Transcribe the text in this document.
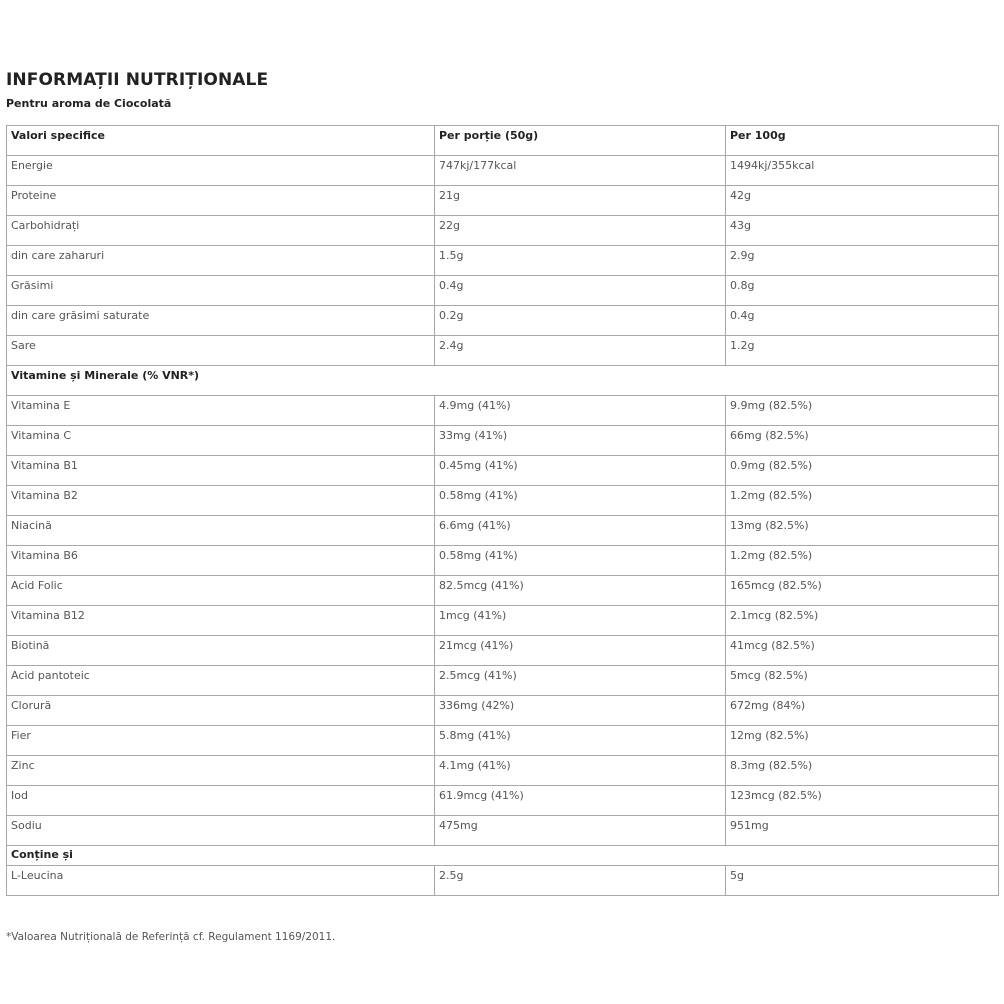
INFORMAȚII NUTRIȚIONALE
Pentru aroma de Ciocolată
Valori specifice	Per porție (50g)	Per 100g
Energie	747kj/177kcal	1494kj/355kcal
Proteine	21g	42g
Carbohidrați	22g	43g
din care zaharuri	1.5g	2.9g
Grăsimi	0.4g	0.8g
din care grăsimi saturate	0.2g	0.4g
Sare	2.4g	1.2g
Vitamine și Minerale (% VNR*)		
Vitamina E	4.9mg (41%)	9.9mg (82.5%)
Vitamina C	33mg (41%)	66mg (82.5%)
Vitamina B1	0.45mg (41%)	0.9mg (82.5%)
Vitamina B2	0.58mg (41%)	1.2mg (82.5%)
Niacină	6.6mg (41%)	13mg (82.5%)
Vitamina B6	0.58mg (41%)	1.2mg (82.5%)
Acid Folic	82.5mcg (41%)	165mcg (82.5%)
Vitamina B12	1mcg (41%)	2.1mcg (82.5%)
Biotină	21mcg (41%)	41mcg (82.5%)
Acid pantoteic	2.5mcg (41%)	5mcg (82.5%)
Clorură	336mg (42%)	672mg (84%)
Fier	5.8mg (41%)	12mg (82.5%)
Zinc	4.1mg (41%)	8.3mg (82.5%)
Iod	61.9mcg (41%)	123mcg (82.5%)
Sodiu	475mg	951mg
Conține și		
L-Leucina	2.5g	5g
*Valoarea Nutrițională de Referință cf. Regulament 1169/2011.
